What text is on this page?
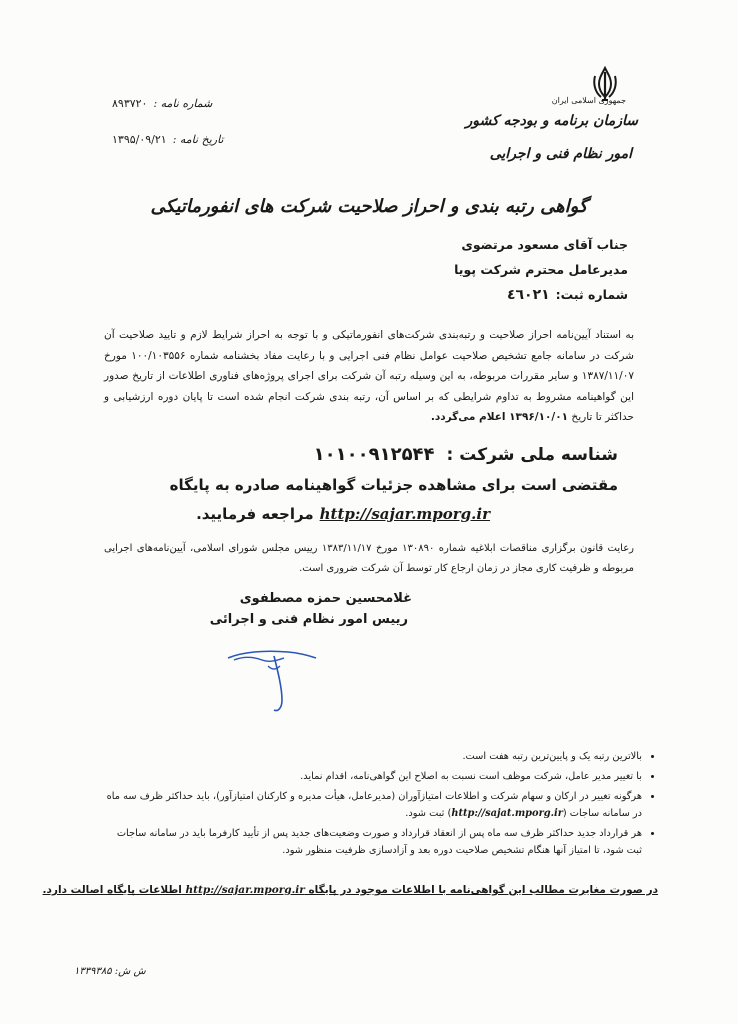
جمهوری اسلامی ایران
سازمان برنامه و بودجه کشور
امور نظام فنی و اجرایی
شماره نامه :۸۹۳۷۲۰
تاریخ نامه :۱۳۹۵/۰۹/۲۱
گواهی رتبه بندی و احراز صلاحیت شرکت های انفورماتیکی
جناب آقای مسعود مرتضوی
مدیرعامل محترم شرکت پویا
شماره ثبت:٤٦٠٢١
به استناد آیین‌نامه احراز صلاحیت و رتبه‌بندی شرکت‌های انفورماتیکی و با توجه به احراز شرایط لازم و تایید صلاحیت آن شرکت در سامانه جامع تشخیص صلاحیت عوامل نظام فنی اجرایی و با رعایت مفاد بخشنامه شماره ۱۰۰/۱۰۳۵۵۶ مورخ ۱۳۸۷/۱۱/۰۷ و سایر مقررات مربوطه، به این وسیله رتبه آن شرکت برای اجرای پروژه‌های فناوری اطلاعات از تاریخ صدور این گواهینامه مشروط به تداوم شرایطی که بر اساس آن، رتبه بندی شرکت انجام شده است تا پایان دوره ارزشیابی و حداکثر تا تاریخ ۱۳۹۶/۱۰/۰۱ اعلام می‌گردد.
شناسه ملی شرکت :۱۰۱۰۰۹۱۲۵۴۴
مقتضی است برای مشاهده جزئیات گواهینامه صادره به پایگاه
http://sajar.mporg.irمراجعه فرمایید.
رعایت قانون برگزاری مناقصات ابلاغیه شماره ۱۳۰۸۹۰ مورخ ۱۳۸۳/۱۱/۱۷ رییس مجلس شورای اسلامی، آیین‌نامه‌های اجرایی مربوطه و ظرفیت کاری مجاز در زمان ارجاع کار توسط آن شرکت ضروری است.
غلامحسین حمزه مصطفوی
رییس امور نظام فنی و اجرائی
• بالاترین رتبه یک و پایین‌ترین رتبه هفت است.
• با تغییر مدیر عامل، شرکت موظف است نسبت به اصلاح این گواهی‌نامه، اقدام نماید.
• هرگونه تغییر در ارکان و سهام شرکت و اطلاعات امتیازآوران (مدیرعامل، هیأت مدیره و کارکنان امتیازآور)، باید حداکثر ظرف سه ماه در سامانه ساجات (http://sajat.mporg.ir) ثبت شود.
• هر قرارداد جدید حداکثر ظرف سه ماه پس از انعقاد قرارداد و صورت وضعیت‌های جدید پس از تأیید کارفرما باید در سامانه ساجات ثبت شود، تا امتیاز آنها هنگام تشخیص صلاحیت دوره بعد و آزادسازی ظرفیت منظور شود.
در صورت مغایرت مطالب این گواهی‌نامه با اطلاعات موجود در پایگاه http://sajar.mporg.ir اطلاعات پایگاه اصالت دارد.
ش ش: ۱۳۳۹۳۸۵
